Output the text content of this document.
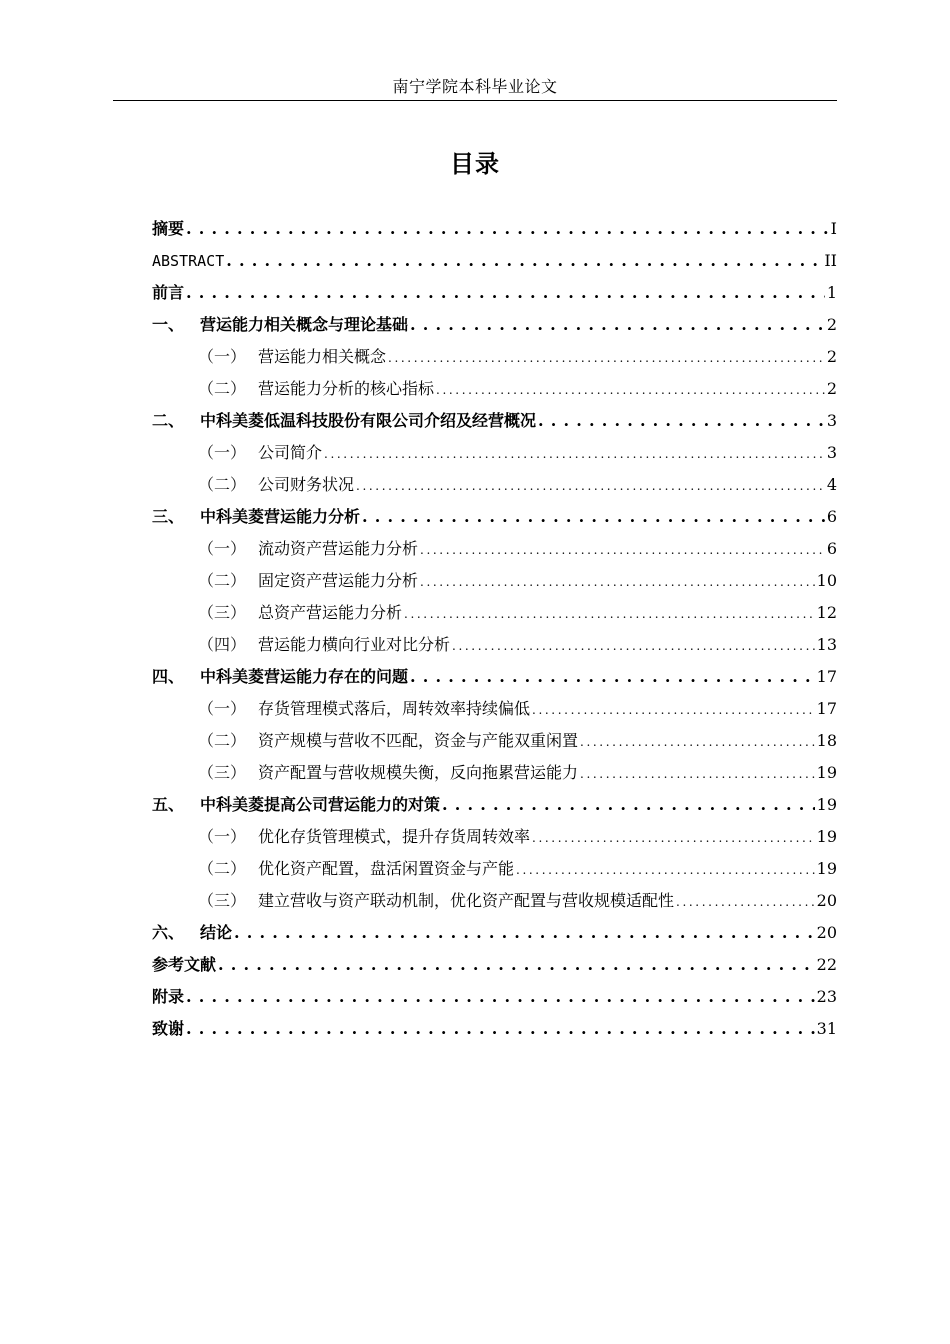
南宁学院本科毕业论文
目录
摘要 . . .	I
ABSTRACT . . .	II
前言 . . .	1
一、 营运能力相关概念与理论基础 . . .	2
（一） 营运能力相关概念 . . .	2
（二） 营运能力分析的核心指标 . . .	2
二、 中科美菱低温科技股份有限公司介绍及经营概况 . . .	3
（一） 公司简介 . . .	3
（二） 公司财务状况 . . .	4
三、 中科美菱营运能力分析 . . .	6
（一） 流动资产营运能力分析 . . .	6
（二） 固定资产营运能力分析 . . .	10
（三） 总资产营运能力分析 . . .	12
（四） 营运能力横向行业对比分析 . . .	13
四、 中科美菱营运能力存在的问题 . . .	17
（一） 存货管理模式落后，周转效率持续偏低 . . .	17
（二） 资产规模与营收不匹配，资金与产能双重闲置 . . .	18
（三） 资产配置与营收规模失衡，反向拖累营运能力 . . .	19
五、 中科美菱提高公司营运能力的对策 . . .	19
（一） 优化存货管理模式，提升存货周转效率 . . .	19
（二） 优化资产配置，盘活闲置资金与产能 . . .	19
（三） 建立营收与资产联动机制，优化资产配置与营收规模适配性 . . .	20
六、 结论 . . .	20
参考文献 . . .	22
附录 . . .	23
致谢 . . .	31
